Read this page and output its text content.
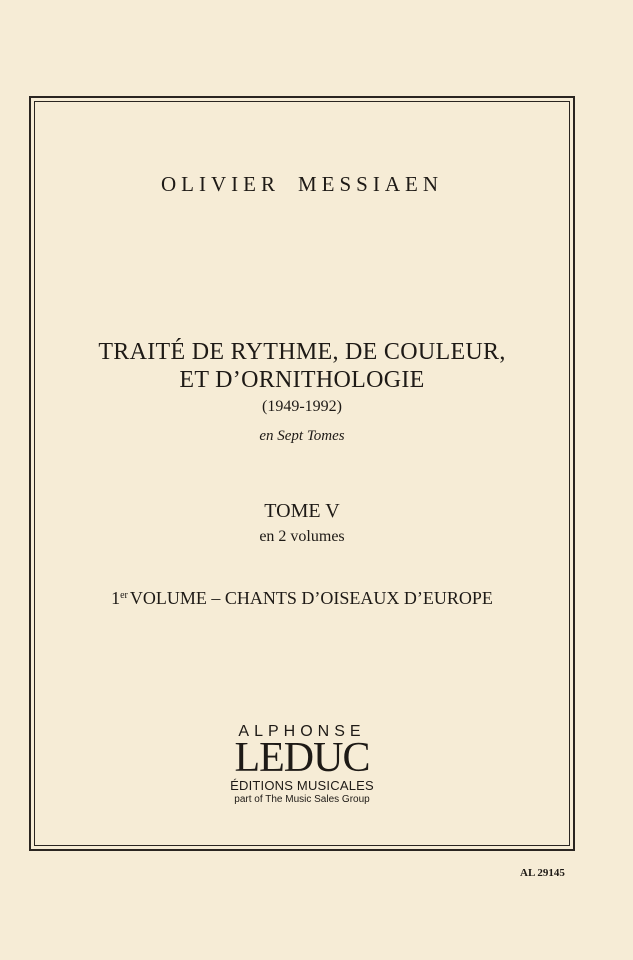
OLIVIER MESSIAEN
TRAITÉ DE RYTHME, DE COULEUR,
ET D’ORNITHOLOGIE
(1949-1992)
en Sept Tomes
TOME V
en 2 volumes
1er VOLUME – CHANTS D’OISEAUX D’EUROPE
ALPHONSE
LEDUC
ÉDITIONS MUSICALES
part of The Music Sales Group
AL 29145
